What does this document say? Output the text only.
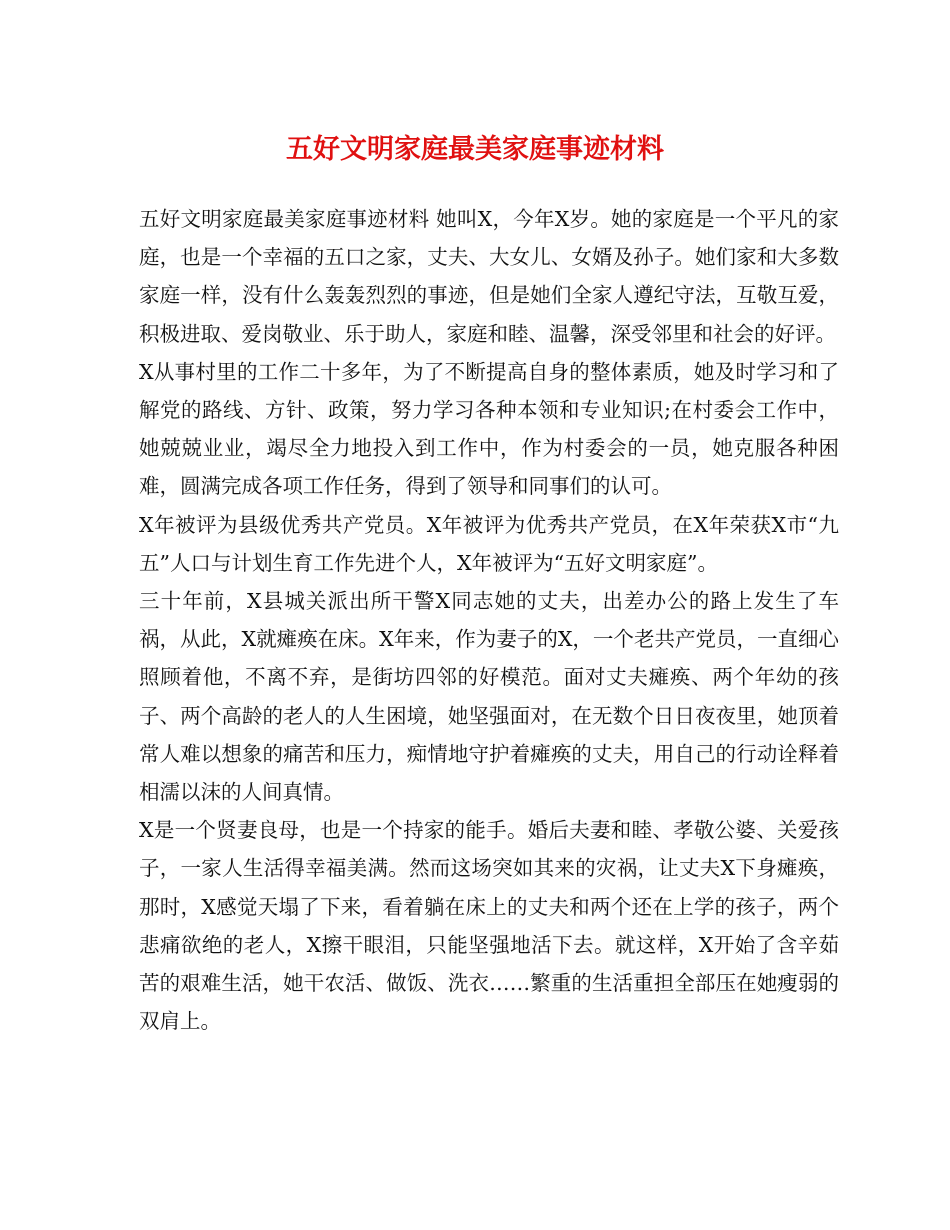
五好文明家庭最美家庭事迹材料

五好文明家庭最美家庭事迹材料 她叫X，今年X岁。她的家庭是一个平凡的家庭，也是一个幸福的五口之家，丈夫、大女儿、女婿及孙子。她们家和大多数家庭一样，没有什么轰轰烈烈的事迹，但是她们全家人遵纪守法，互敬互爱，积极进取、爱岗敬业、乐于助人，家庭和睦、温馨，深受邻里和社会的好评。

X从事村里的工作二十多年，为了不断提高自身的整体素质，她及时学习和了解党的路线、方针、政策，努力学习各种本领和专业知识;在村委会工作中，她兢兢业业，竭尽全力地投入到工作中，作为村委会的一员，她克服各种困难，圆满完成各项工作任务，得到了领导和同事们的认可。

X年被评为县级优秀共产党员。X年被评为优秀共产党员，在X年荣获X市“九五”人口与计划生育工作先进个人，X年被评为“五好文明家庭”。

三十年前，X县城关派出所干警X同志她的丈夫，出差办公的路上发生了车祸，从此，X就瘫痪在床。X年来，作为妻子的X，一个老共产党员，一直细心照顾着他，不离不弃，是街坊四邻的好模范。面对丈夫瘫痪、两个年幼的孩子、两个高龄的老人的人生困境，她坚强面对，在无数个日日夜夜里，她顶着常人难以想象的痛苦和压力，痴情地守护着瘫痪的丈夫，用自己的行动诠释着相濡以沫的人间真情。

X是一个贤妻良母，也是一个持家的能手。婚后夫妻和睦、孝敬公婆、关爱孩子，一家人生活得幸福美满。然而这场突如其来的灾祸，让丈夫X下身瘫痪，那时，X感觉天塌了下来，看着躺在床上的丈夫和两个还在上学的孩子，两个悲痛欲绝的老人，X擦干眼泪，只能坚强地活下去。就这样，X开始了含辛茹苦的艰难生活，她干农活、做饭、洗衣……繁重的生活重担全部压在她瘦弱的双肩上。
